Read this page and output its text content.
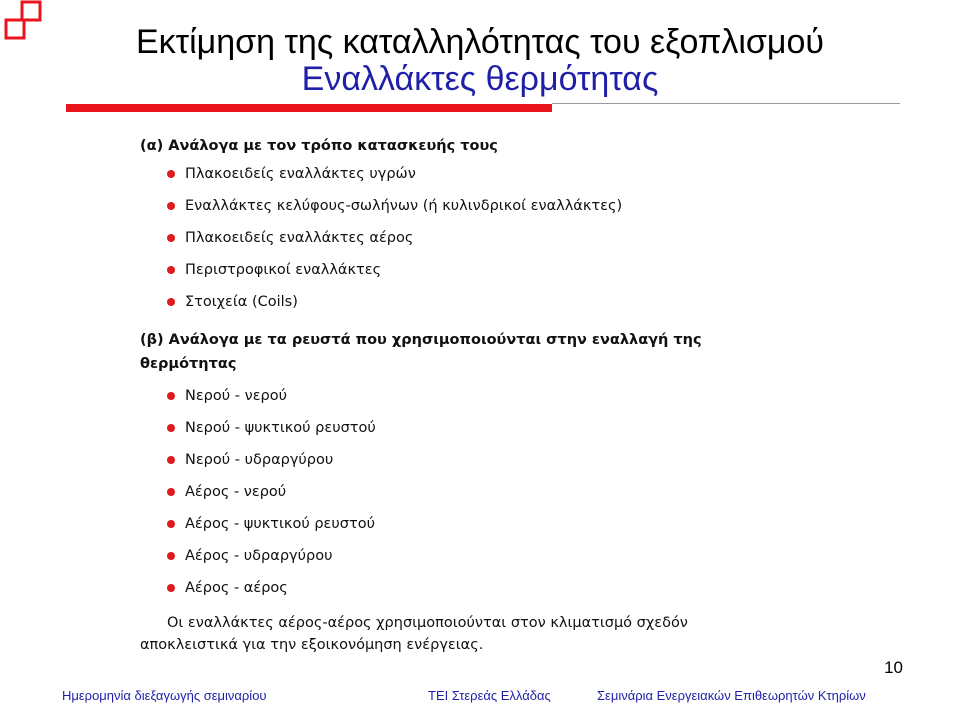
Εκτίμηση της καταλληλότητας του εξοπλισμού
Εναλλάκτες θερμότητας
(α) Ανάλογα με τον τρόπο κατασκευής τους
Πλακοειδείς εναλλάκτες υγρών
Εναλλάκτες κελύφους-σωλήνων (ή κυλινδρικοί εναλλάκτες)
Πλακοειδείς εναλλάκτες αέρος
Περιστροφικοί εναλλάκτες
Στοιχεία (Coils)
(β) Ανάλογα με τα ρευστά που χρησιμοποιούνται στην εναλλαγή της θερμότητας
Νερού - νερού
Νερού - ψυκτικού ρευστού
Νερού - υδραργύρου
Αέρος - νερού
Αέρος - ψυκτικού ρευστού
Αέρος - υδραργύρου
Αέρος - αέρος
Οι εναλλάκτες αέρος-αέρος χρησιμοποιούνται στον κλιματισμό σχεδόν
αποκλειστικά για την εξοικονόμηση ενέργειας.
10
Ημερομηνία διεξαγωγής σεμιναρίου	ΤΕΙ Στερεάς Ελλάδας	Σεμινάρια Ενεργειακών Επιθεωρητών Κτηρίων
